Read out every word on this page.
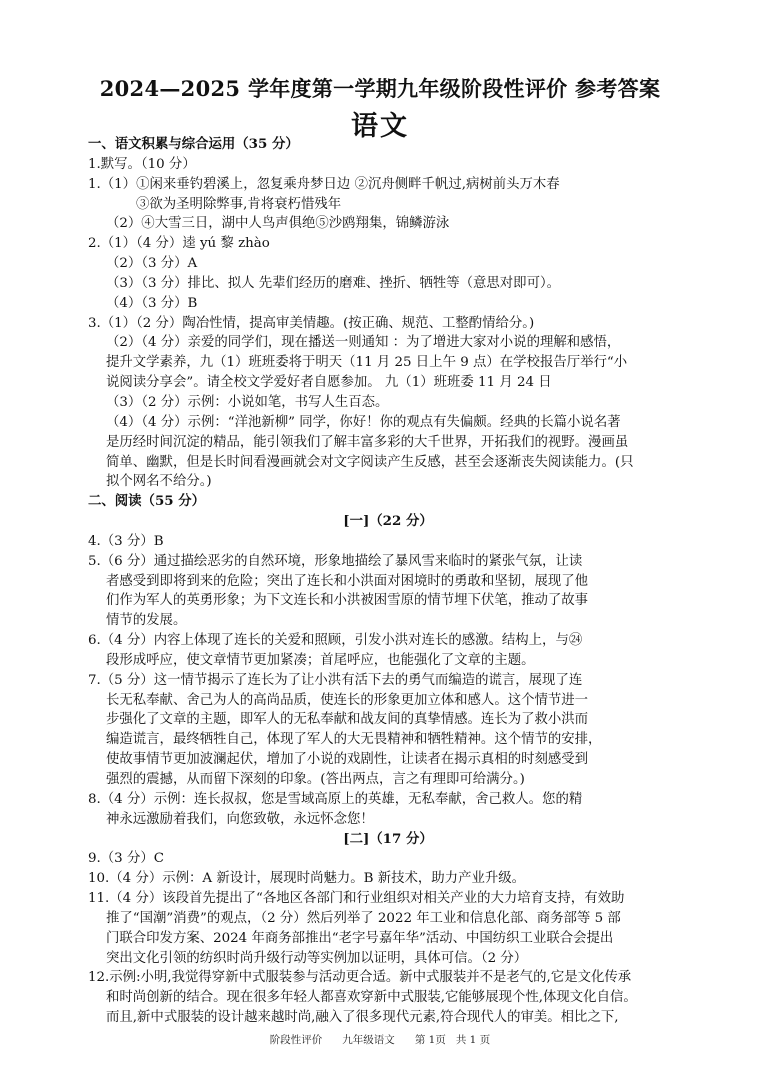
2024—2025 学年度第一学期九年级阶段性评价 参考答案
语文
一、语文积累与综合运用（35 分）
1.默写。（10 分）
1.（1）①闲来垂钓碧溪上，忽复乘舟梦日边 ②沉舟侧畔千帆过,病树前头万木春
③欲为圣明除弊事,肯将衰朽惜残年
（2）④大雪三日，湖中人鸟声俱绝⑤沙鸥翔集，锦鳞游泳
2.（1）（4 分）逵 yú 黎 zhào
（2）（3 分）A
（3）（3 分）排比、拟人 先辈们经历的磨难、挫折、牺牲等（意思对即可）。
（4）（3 分）B
3.（1）（2 分）陶冶性情，提高审美情趣。(按正确、规范、工整酌情给分。)
（2）（4 分）亲爱的同学们，现在播送一则通知 ：为了增进大家对小说的理解和感悟，
提升文学素养，九（1）班班委将于明天（11 月 25 日上午 9 点）在学校报告厅举行“小
说阅读分享会”。请全校文学爱好者自愿参加。 九（1）班班委 11 月 24 日
（3）（2 分）示例：小说如笔，书写人生百态。
（4）（4 分）示例：“洋池新柳” 同学，你好！你的观点有失偏颇。经典的长篇小说名著
是历经时间沉淀的精品，能引领我们了解丰富多彩的大千世界，开拓我们的视野。漫画虽
简单、幽默，但是长时间看漫画就会对文字阅读产生反感，甚至会逐渐丧失阅读能力。(只
拟个网名不给分。)
二、阅读（55 分）
[一]（22 分）
4.（3 分）B
5.（6 分）通过描绘恶劣的自然环境，形象地描绘了暴风雪来临时的紧张气氛，让读
者感受到即将到来的危险；突出了连长和小洪面对困境时的勇敢和坚韧，展现了他
们作为军人的英勇形象；为下文连长和小洪被困雪原的情节埋下伏笔，推动了故事
情节的发展。
6.（4 分）内容上体现了连长的关爱和照顾，引发小洪对连长的感激。结构上，与㉔
段形成呼应，使文章情节更加紧凑；首尾呼应，也能强化了文章的主题。
7.（5 分）这一情节揭示了连长为了让小洪有活下去的勇气而编造的谎言，展现了连
长无私奉献、舍己为人的高尚品质，使连长的形象更加立体和感人。这个情节进一
步强化了文章的主题，即军人的无私奉献和战友间的真挚情感。连长为了救小洪而
编造谎言，最终牺牲自己，体现了军人的大无畏精神和牺牲精神。这个情节的安排，
使故事情节更加波澜起伏，增加了小说的戏剧性，让读者在揭示真相的时刻感受到
强烈的震撼，从而留下深刻的印象。(答出两点，言之有理即可给满分。)
8.（4 分）示例：连长叔叔，您是雪域高原上的英雄，无私奉献，舍己救人。您的精
神永远激励着我们，向您致敬，永远怀念您！
[二]（17 分）
9.（3 分）C
10.（4 分）示例：A 新设计，展现时尚魅力。B 新技术，助力产业升级。
11.（4 分）该段首先提出了“各地区各部门和行业组织对相关产业的大力培育支持，有效助
推了“国潮”消费”的观点，（2 分）然后列举了 2022 年工业和信息化部、商务部等 5 部
门联合印发方案、2024 年商务部推出“老字号嘉年华”活动、中国纺织工业联合会提出
突出文化引领的纺织时尚升级行动等实例加以证明，具体可信。（2 分）
12.示例:小明,我觉得穿新中式服装参与活动更合适。新中式服装并不是老气的,它是文化传承
和时尚创新的结合。现在很多年轻人都喜欢穿新中式服装,它能够展现个性,体现文化自信。
而且,新中式服装的设计越来越时尚,融入了很多现代元素,符合现代人的审美。相比之下,
阶段性评价      九年级语文      第 1页   共 1 页
